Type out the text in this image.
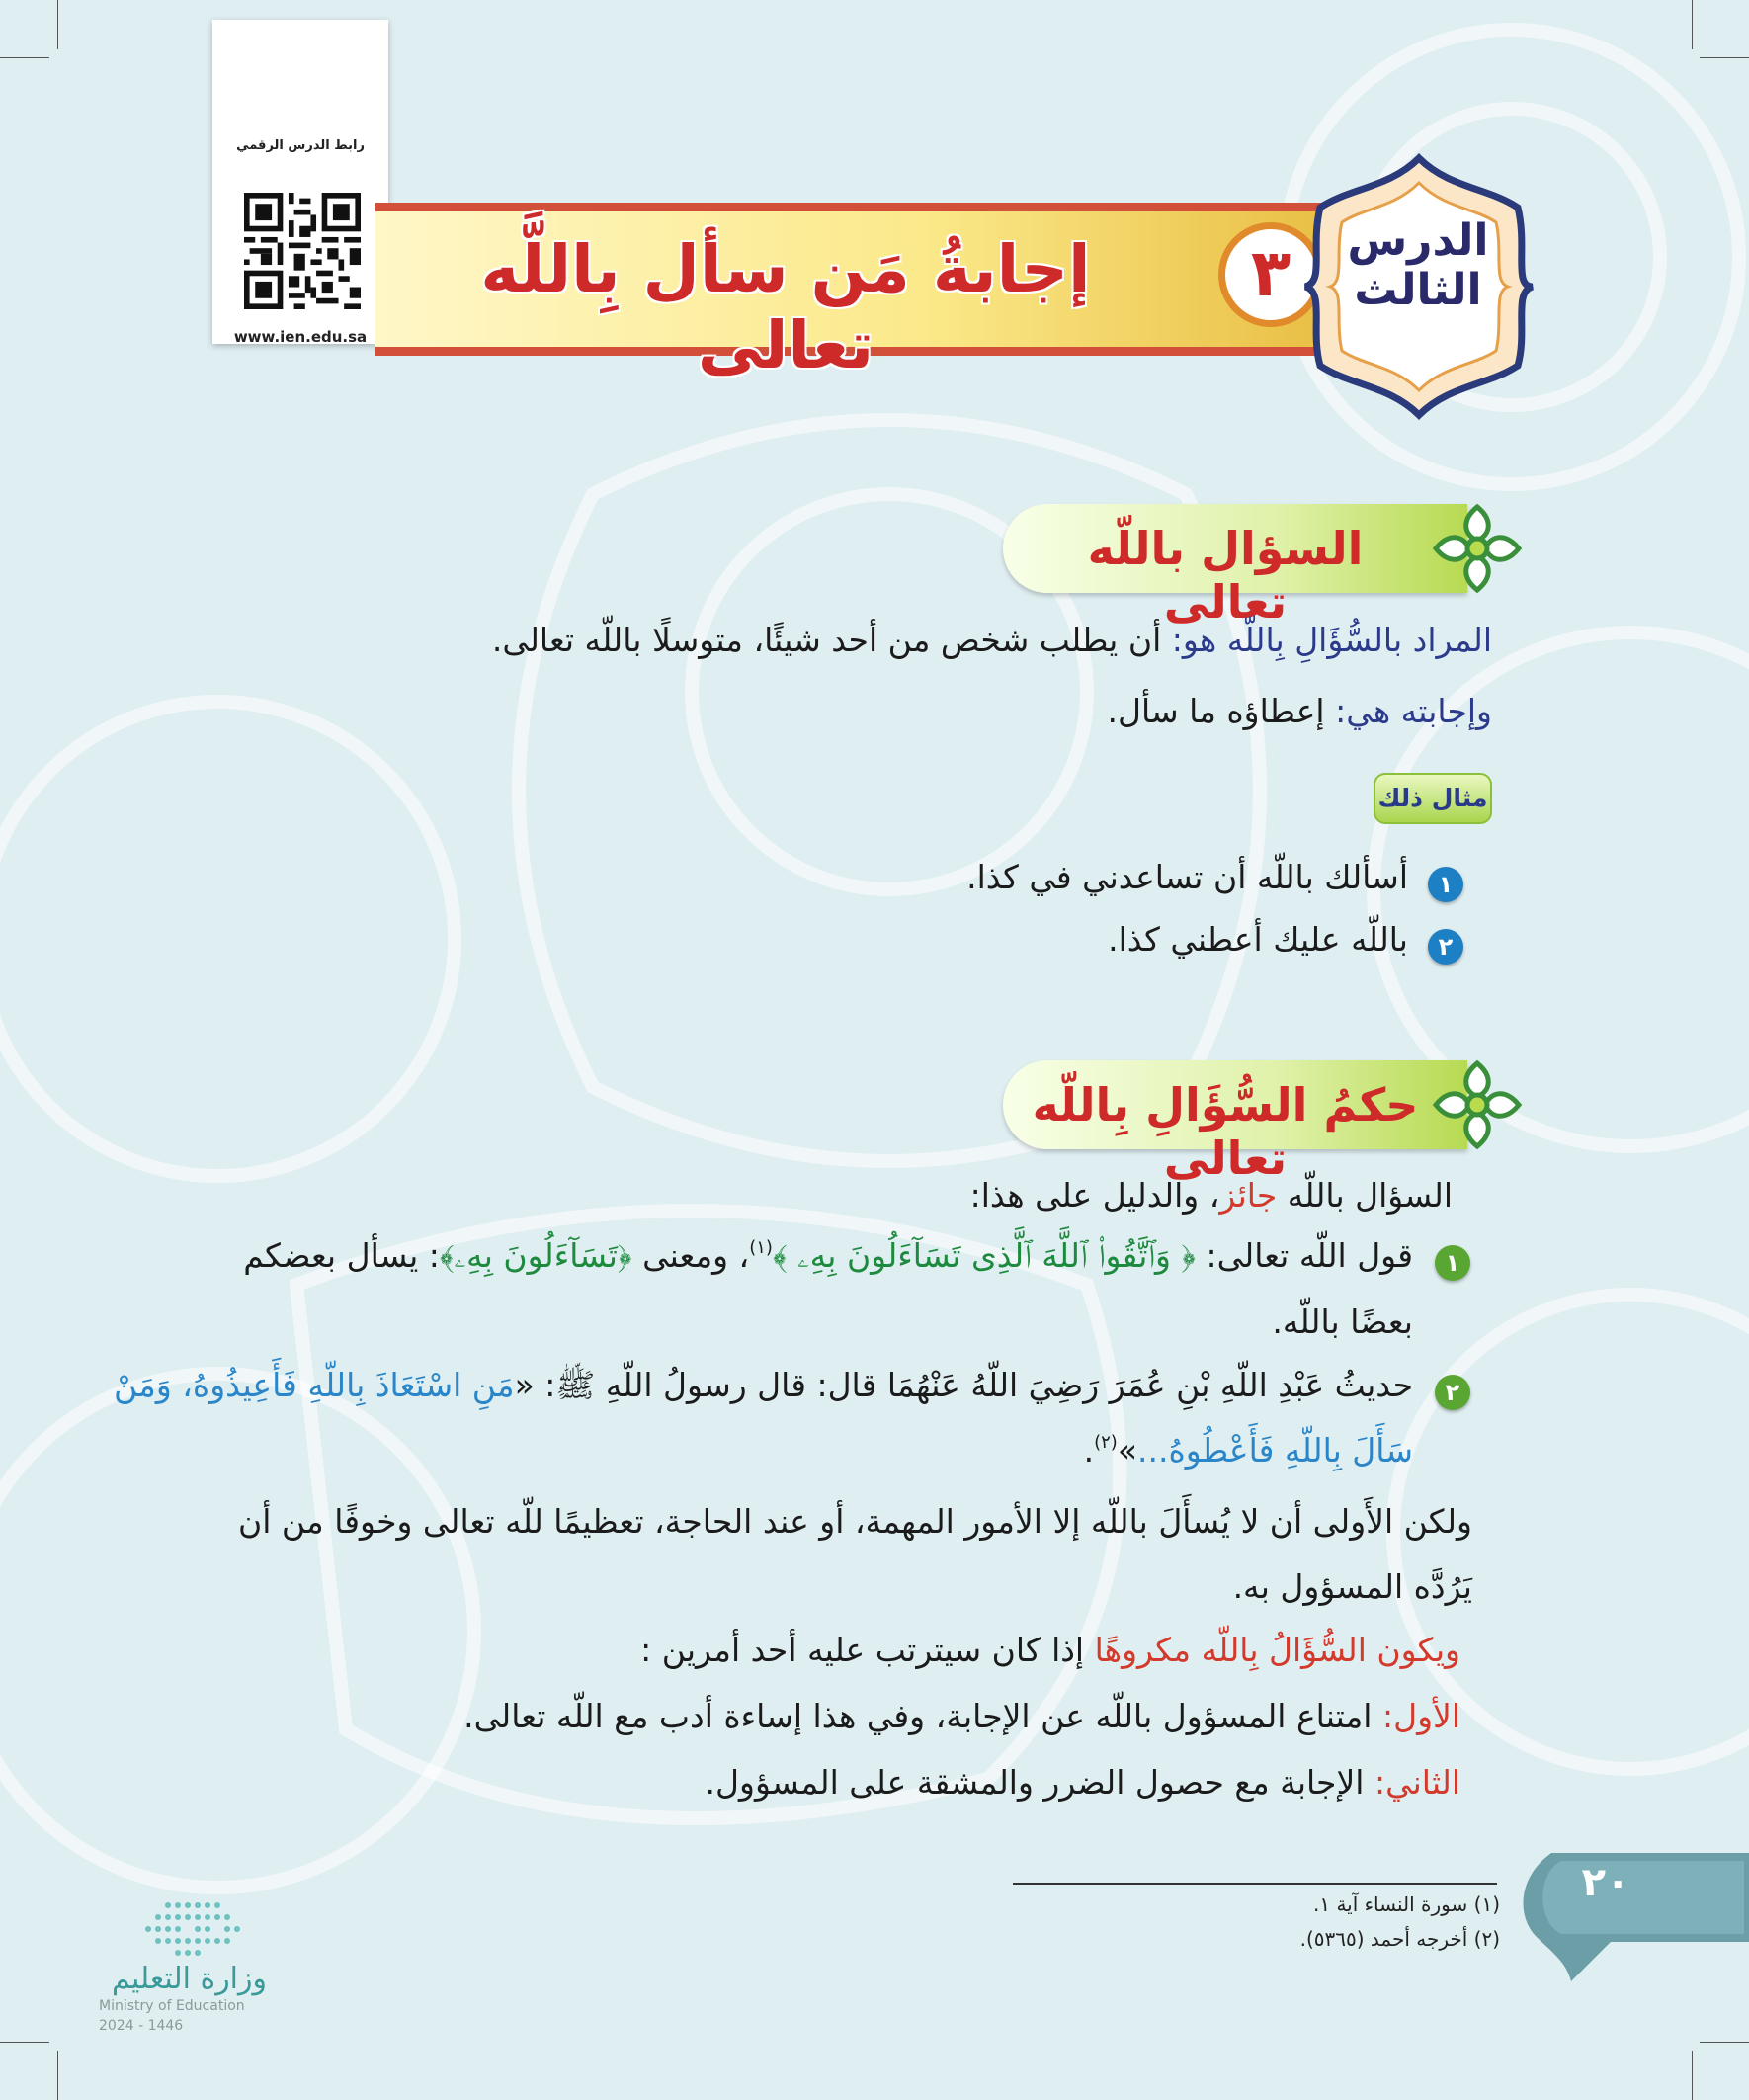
رابط الدرس الرقمي
www.ien.edu.sa
إجابةُ مَن سأل بِاللَّه تعالى
٣	الدرس
الثالث
السؤال باللّه تعالى
المراد بالسُّؤَالِ بِاللّه هو: أن يطلب شخص من أحد شيئًا، متوسلًا باللّه تعالى.
وإجابته هي: إعطاؤه ما سأل.
مثال ذلك
١
أسألك باللّه أن تساعدني في كذا.
٢
باللّه عليك أعطني كذا.
حكمُ السُّؤَالِ بِاللّه تعالى
السؤال باللّه جائز، والدليل على هذا:
١
قول اللّه تعالى: ﴿ وَٱتَّقُوا۟ ٱللَّهَ ٱلَّذِى تَسَآءَلُونَ بِهِۦ ﴾$^{(١)}$، ومعنى ﴿تَسَآءَلُونَ بِهِۦ﴾: يسأل بعضكم
بعضًا باللّه.
٢
حديثُ عَبْدِ اللّهِ بْنِ عُمَرَ رَضِيَ اللّهُ عَنْهُمَا قال: قال رسولُ اللّهِ ﷺ: «مَنِ اسْتَعَاذَ بِاللّهِ فَأَعِيذُوهُ، وَمَنْ
سَأَلَ بِاللّهِ فَأَعْطُوهُ...»$^{(٢)}$.
ولكن الأَولى أن لا يُسأَلَ باللّه إلا الأمور المهمة، أو عند الحاجة، تعظيمًا للّه تعالى وخوفًا من أن
يَرُدَّه المسؤول به.
ويكون السُّؤَالُ بِاللّه مكروهًا إذا كان سيترتب عليه أحد أمرين :
الأول: امتناع المسؤول باللّه عن الإجابة، وفي هذا إساءة أدب مع اللّه تعالى.
الثاني: الإجابة مع حصول الضرر والمشقة على المسؤول.
(١) سورة النساء آية ١.
(٢) أخرجه أحمد (٥٣٦٥).
٢٠
وزارة التعليم
Ministry of Education
2024 - 1446
